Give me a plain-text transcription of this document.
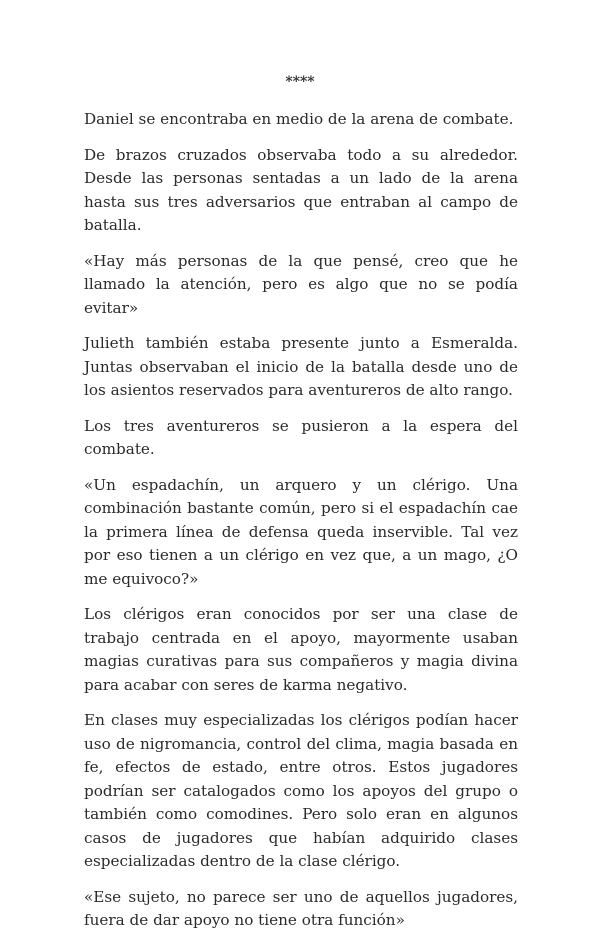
****

Daniel se encontraba en medio de la arena de combate.

De brazos cruzados observaba todo a su alrededor. Desde las personas sentadas a un lado de la arena hasta sus tres adversarios que entraban al campo de batalla.

«Hay más personas de la que pensé, creo que he llamado la atención, pero es algo que no se podía evitar»

Julieth también estaba presente junto a Esmeralda. Juntas observaban el inicio de la batalla desde uno de los asientos reservados para aventureros de alto rango.

Los tres aventureros se pusieron a la espera del combate.

«Un espadachín, un arquero y un clérigo. Una combinación bastante común, pero si el espadachín cae la primera línea de defensa queda inservible. Tal vez por eso tienen a un clérigo en vez que, a un mago, ¿O me equivoco?»

Los clérigos eran conocidos por ser una clase de trabajo centrada en el apoyo, mayormente usaban magias curativas para sus compañeros y magia divina para acabar con seres de karma negativo.

En clases muy especializadas los clérigos podían hacer uso de nigromancia, control del clima, magia basada en fe, efectos de estado, entre otros. Estos jugadores podrían ser catalogados como los apoyos del grupo o también como comodines. Pero solo eran en algunos casos de jugadores que habían adquirido clases especializadas dentro de la clase clérigo.

«Ese sujeto, no parece ser uno de aquellos jugadores, fuera de dar apoyo no tiene otra función»
